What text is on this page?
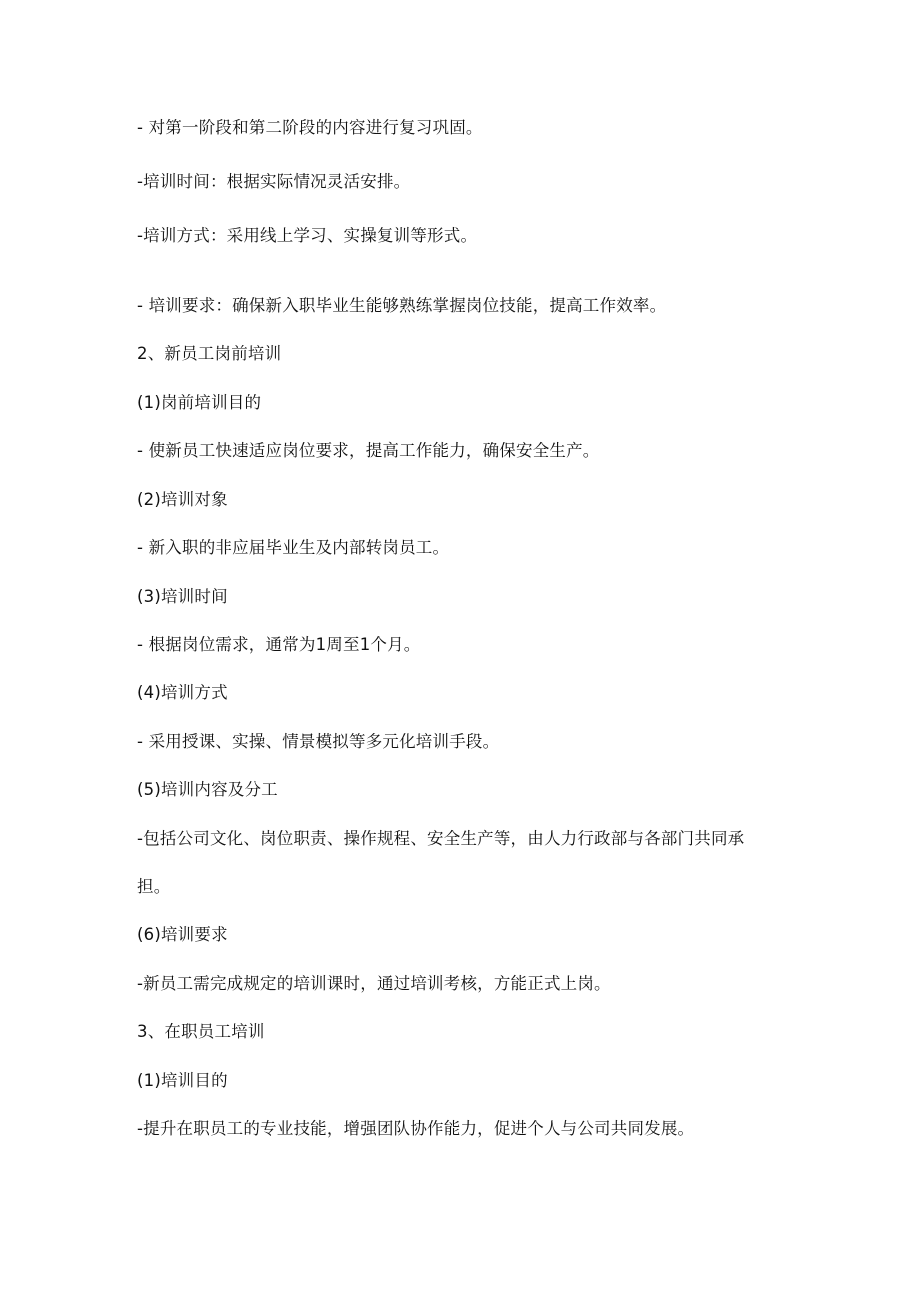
- 对第一阶段和第二阶段的内容进行复习巩固。
-培训时间：根据实际情况灵活安排。
-培训方式：采用线上学习、实操复训等形式。
- 培训要求：确保新入职毕业生能够熟练掌握岗位技能，提高工作效率。
2、新员工岗前培训
(1)岗前培训目的
- 使新员工快速适应岗位要求，提高工作能力，确保安全生产。
(2)培训对象
- 新入职的非应届毕业生及内部转岗员工。
(3)培训时间
- 根据岗位需求，通常为1周至1个月。
(4)培训方式
- 采用授课、实操、情景模拟等多元化培训手段。
(5)培训内容及分工
-包括公司文化、岗位职责、操作规程、安全生产等，由人力行政部与各部门共同承
担。
(6)培训要求
-新员工需完成规定的培训课时，通过培训考核，方能正式上岗。
3、在职员工培训
(1)培训目的
-提升在职员工的专业技能，增强团队协作能力，促进个人与公司共同发展。
